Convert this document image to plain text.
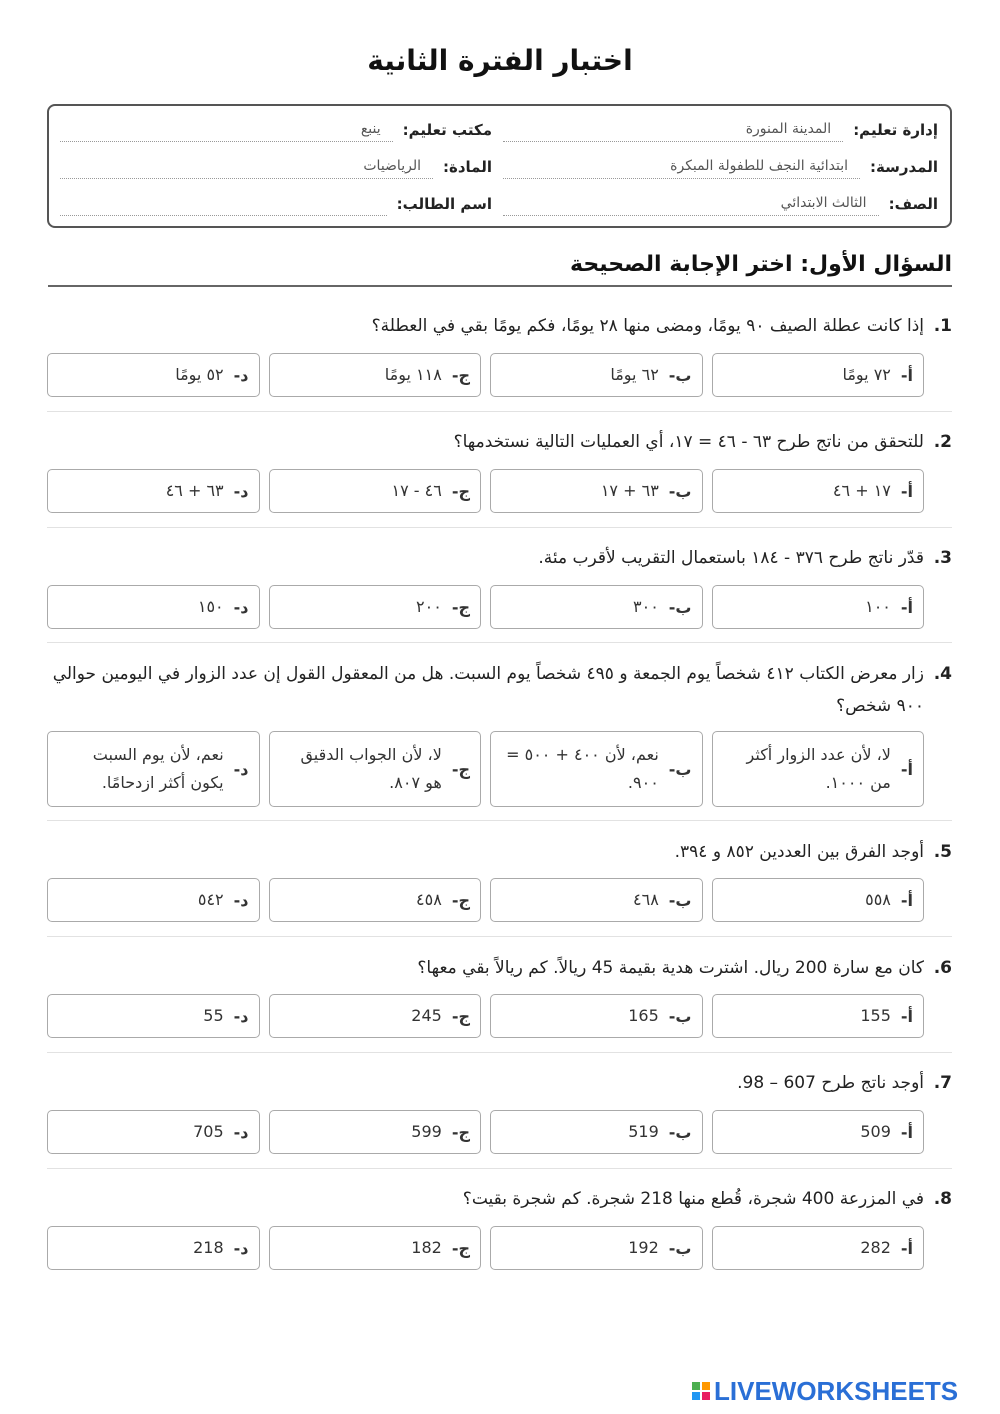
اختبار الفترة الثانية
إدارة تعليم:
المدينة المنورة
مكتب تعليم:
ينبع
المدرسة:
ابتدائية النجف للطفولة المبكرة
المادة:
الرياضيات
الصف:
الثالث الابتدائي
اسم الطالب:

السؤال الأول: اختر الإجابة الصحيحة
1.
إذا كانت عطلة الصيف ٩٠ يومًا، ومضى منها ٢٨ يومًا، فكم يومًا بقي في العطلة؟
أ-
٧٢ يومًا
ب-
٦٢ يومًا
ج-
١١٨ يومًا
د-
٥٢ يومًا
2.
للتحقق من ناتج طرح ٦٣ - ٤٦ = ١٧، أي العمليات التالية نستخدمها؟
أ-
١٧ + ٤٦
ب-
٦٣ + ١٧
ج-
٤٦ - ١٧
د-
٦٣ + ٤٦
3.
قدّر ناتج طرح ٣٧٦ - ١٨٤ باستعمال التقريب لأقرب مئة.
أ-
١٠٠
ب-
٣٠٠
ج-
٢٠٠
د-
١٥٠
4.
زار معرض الكتاب ٤١٢ شخصاً يوم الجمعة و ٤٩٥ شخصاً يوم السبت. هل من المعقول القول إن عدد الزوار في اليومين حوالي ٩٠٠ شخص؟
أ-
لا، لأن عدد الزوار أكثر من ١٠٠٠.
ب-
نعم، لأن ٤٠٠ + ٥٠٠ = ٩٠٠.
ج-
لا، لأن الجواب الدقيق هو ٨٠٧.
د-
نعم، لأن يوم السبت يكون أكثر ازدحامًا.
5.
أوجد الفرق بين العددين ٨٥٢ و ٣٩٤.
أ-
٥٥٨
ب-
٤٦٨
ج-
٤٥٨
د-
٥٤٢
6.
كان مع سارة 200 ريال. اشترت هدية بقيمة 45 ريالاً. كم ريالاً بقي معها؟
أ-
155
ب-
165
ج-
245
د-
55
7.
أوجد ناتج طرح 607 – 98.
أ-
509
ب-
519
ج-
599
د-
705
8.
في المزرعة 400 شجرة، قُطع منها 218 شجرة. كم شجرة بقيت؟
أ-
282
ب-
192
ج-
182
د-
218
LIVEWORKSHEETS
